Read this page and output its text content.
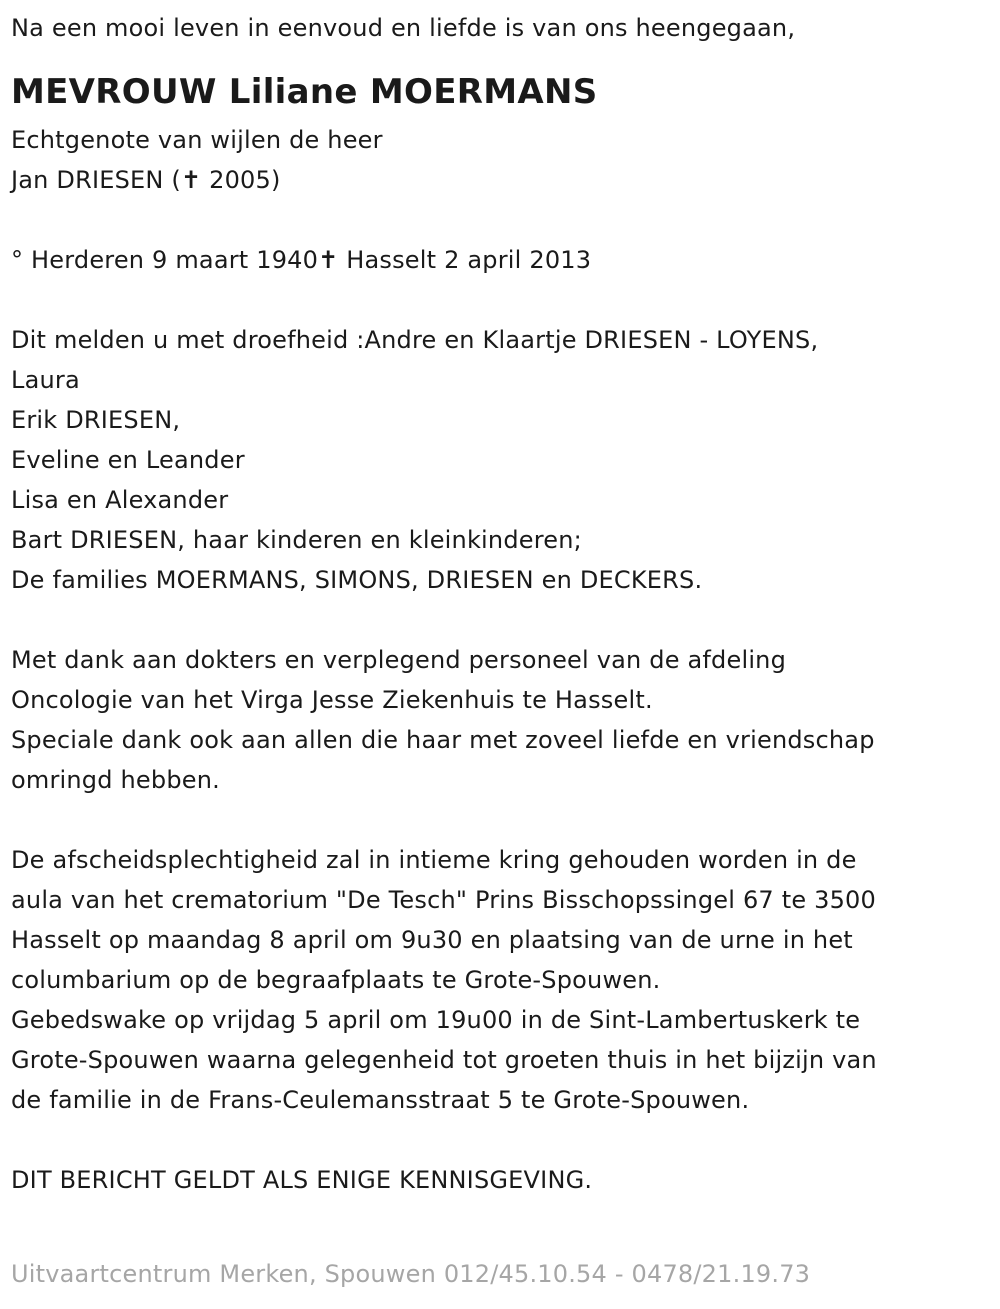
Na een mooi leven in eenvoud en liefde is van ons heengegaan,
MEVROUW Liliane MOERMANS
Echtgenote van wijlen de heer
Jan DRIESEN (✝ 2005)
° Herderen 9 maart 1940✝ Hasselt 2 april 2013
Dit melden u met droefheid :Andre en Klaartje DRIESEN - LOYENS,
Laura
Erik DRIESEN,
Eveline en Leander
Lisa en Alexander
Bart DRIESEN, haar kinderen en kleinkinderen;
De families MOERMANS, SIMONS, DRIESEN en DECKERS.
Met dank aan dokters en verplegend personeel van de afdeling
Oncologie van het Virga Jesse Ziekenhuis te Hasselt.
Speciale dank ook aan allen die haar met zoveel liefde en vriendschap
omringd hebben.
De afscheidsplechtigheid zal in intieme kring gehouden worden in de
aula van het crematorium "De Tesch" Prins Bisschopssingel 67 te 3500
Hasselt op maandag 8 april om 9u30 en plaatsing van de urne in het
columbarium op de begraafplaats te Grote-Spouwen.
Gebedswake op vrijdag 5 april om 19u00 in de Sint-Lambertuskerk te
Grote-Spouwen waarna gelegenheid tot groeten thuis in het bijzijn van
de familie in de Frans-Ceulemansstraat 5 te Grote-Spouwen.
DIT BERICHT GELDT ALS ENIGE KENNISGEVING.
Uitvaartcentrum Merken, Spouwen 012/45.10.54 - 0478/21.19.73
